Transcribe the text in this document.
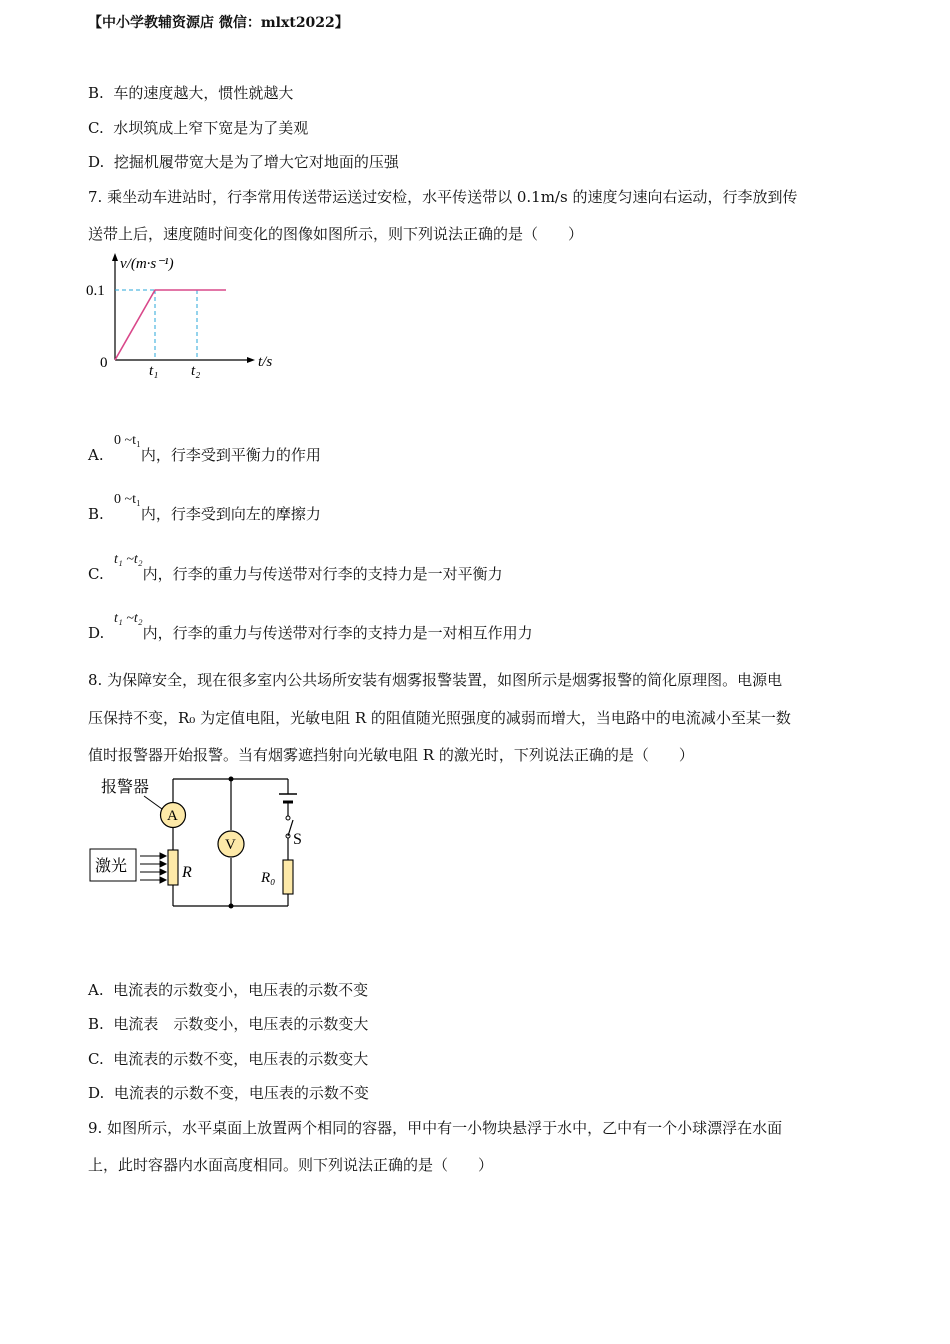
【中小学教辅资源店 微信：mlxt2022】
B. 车的速度越大，惯性就越大
C. 水坝筑成上窄下宽是为了美观
D. 挖掘机履带宽大是为了增大它对地面的压强
7. 乘坐动车进站时，行李常用传送带运送过安检，水平传送带以 0.1m/s 的速度匀速向右运动，行李放到传
送带上后，速度随时间变化的图像如图所示，则下列说法正确的是（　　）
v/(m·s⁻¹)
0.1
0	t/s
t₁ t₂
A.0 ~t₁内，行李受到平衡力的作用
B.0 ~t₁内，行李受到向左的摩擦力
C.t₁ ~t₂内，行李的重力与传送带对行李的支持力是一对平衡力
D.t₁ ~t₂内，行李的重力与传送带对行李的支持力是一对相互作用力
8. 为保障安全，现在很多室内公共场所安装有烟雾报警装置，如图所示是烟雾报警的简化原理图。电源电
压保持不变，R₀ 为定值电阻，光敏电阻 R 的阻值随光照强度的减弱而增大，当电路中的电流减小至某一数
值时报警器开始报警。当有烟雾遮挡射向光敏电阻 R 的激光时，下列说法正确的是（　　）
S
R₀
A
V
R
报警器
激光
A. 电流表的示数变小，电压表的示数不变
B. 电流表　示数变小，电压表的示数变大
C. 电流表的示数不变，电压表的示数变大
D. 电流表的示数不变，电压表的示数不变
9. 如图所示，水平桌面上放置两个相同的容器，甲中有一小物块悬浮于水中，乙中有一个小球漂浮在水面
上，此时容器内水面高度相同。则下列说法正确的是（　　）
